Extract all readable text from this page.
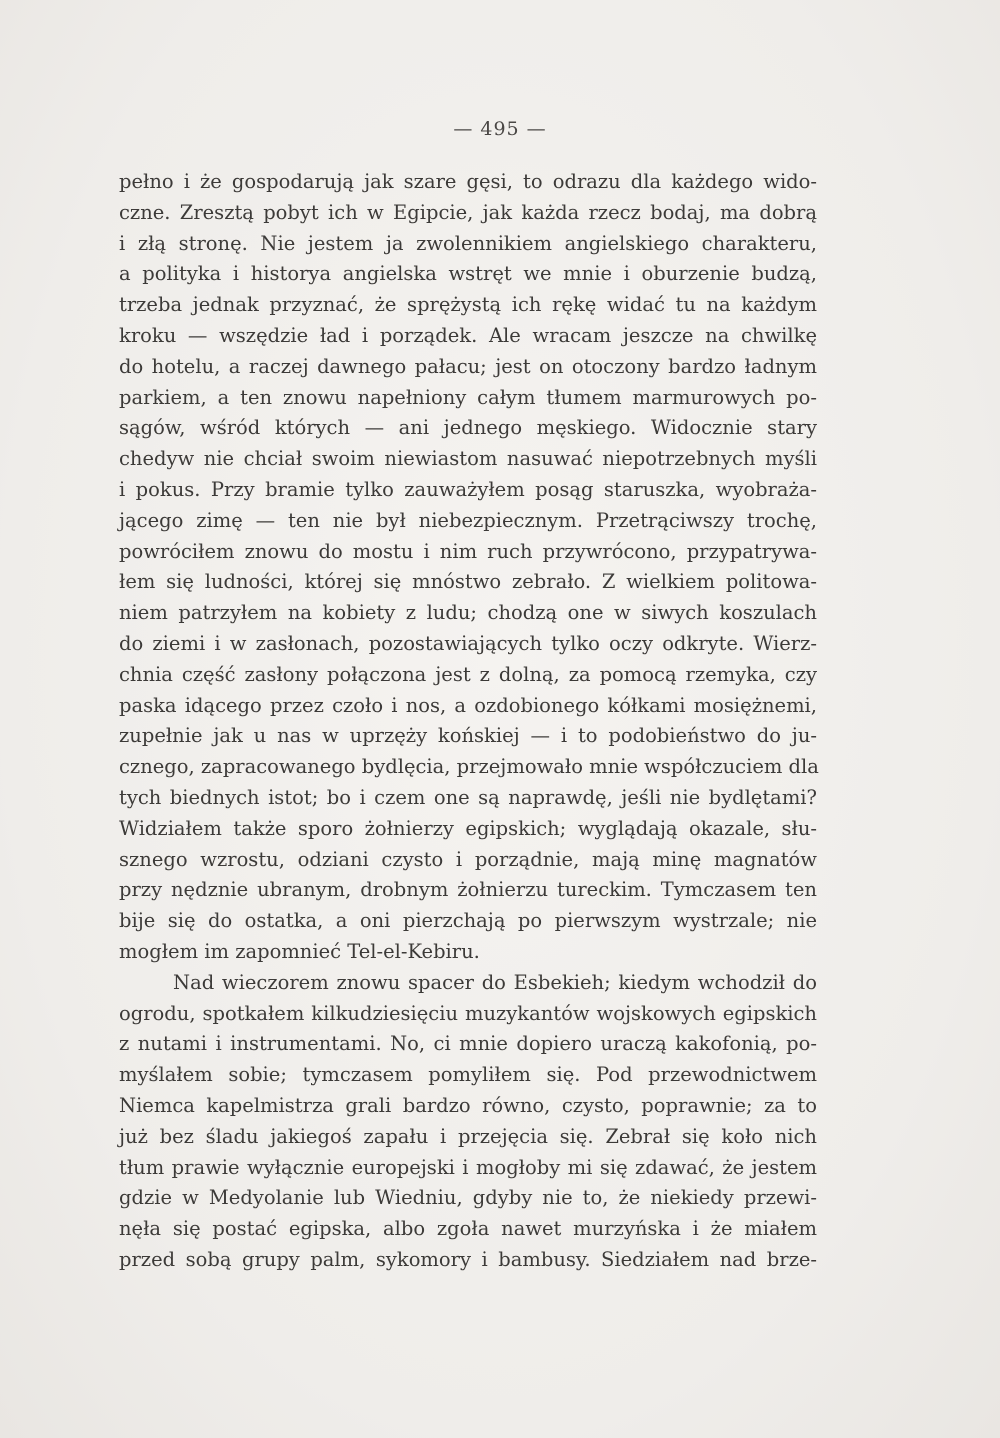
— 495 —
pełno i że gospodarują jak szare gęsi, to odrazu dla każdego wido-
czne. Zresztą pobyt ich w Egipcie, jak każda rzecz bodaj, ma dobrą
i złą stronę. Nie jestem ja zwolennikiem angielskiego charakteru,
a polityka i historya angielska wstręt we mnie i oburzenie budzą,
trzeba jednak przyznać, że sprężystą ich rękę widać tu na każdym
kroku — wszędzie ład i porządek. Ale wracam jeszcze na chwilkę
do hotelu, a raczej dawnego pałacu; jest on otoczony bardzo ładnym
parkiem, a ten znowu napełniony całym tłumem marmurowych po-
sągów, wśród których — ani jednego męskiego. Widocznie stary
chedyw nie chciał swoim niewiastom nasuwać niepotrzebnych myśli
i pokus. Przy bramie tylko zauważyłem posąg staruszka, wyobraża-
jącego zimę — ten nie był niebezpiecznym. Przetrąciwszy trochę,
powróciłem znowu do mostu i nim ruch przywrócono, przypatrywa-
łem się ludności, której się mnóstwo zebrało. Z wielkiem politowa-
niem patrzyłem na kobiety z ludu; chodzą one w siwych koszulach
do ziemi i w zasłonach, pozostawiających tylko oczy odkryte. Wierz-
chnia część zasłony połączona jest z dolną, za pomocą rzemyka, czy
paska idącego przez czoło i nos, a ozdobionego kółkami mosiężnemi,
zupełnie jak u nas w uprzęży końskiej — i to podobieństwo do ju-
cznego, zapracowanego bydlęcia, przejmowało mnie współczuciem dla
tych biednych istot; bo i czem one są naprawdę, jeśli nie bydlętami?
Widziałem także sporo żołnierzy egipskich; wyglądają okazale, słu-
sznego wzrostu, odziani czysto i porządnie, mają minę magnatów
przy nędznie ubranym, drobnym żołnierzu tureckim. Tymczasem ten
bije się do ostatka, a oni pierzchają po pierwszym wystrzale; nie
mogłem im zapomnieć Tel-el-Kebiru.
Nad wieczorem znowu spacer do Esbekieh; kiedym wchodził do
ogrodu, spotkałem kilkudziesięciu muzykantów wojskowych egipskich
z nutami i instrumentami. No, ci mnie dopiero uraczą kakofonią, po-
myślałem sobie; tymczasem pomyliłem się. Pod przewodnictwem
Niemca kapelmistrza grali bardzo równo, czysto, poprawnie; za to
już bez śladu jakiegoś zapału i przejęcia się. Zebrał się koło nich
tłum prawie wyłącznie europejski i mogłoby mi się zdawać, że jestem
gdzie w Medyolanie lub Wiedniu, gdyby nie to, że niekiedy przewi-
nęła się postać egipska, albo zgoła nawet murzyńska i że miałem
przed sobą grupy palm, sykomory i bambusy. Siedziałem nad brze-
